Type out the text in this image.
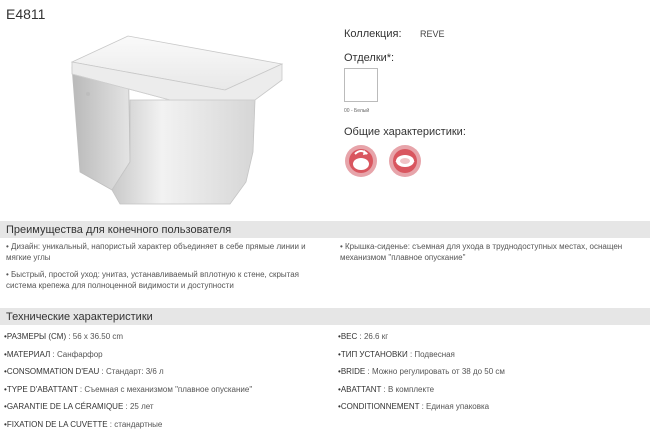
E4811
Коллекция:	REVE
Отделки*:
00 - Белый
Общие характеристики:
Преимущества для конечного пользователя

• Дизайн: уникальный, напористый характер объединяет в себе прямые линии и мягкие углы

• Быстрый, простой уход: унитаз, устанавливаемый вплотную к стене, скрытая система крепежа для полноценной видимости и доступности

• Крышка-сиденье: съемная для ухода в труднодоступных местах, оснащен механизмом "плавное опускание"

Технические характеристики
• РАЗМЕРЫ (CM) : 56 x 36.50 cm
• МАТЕРИАЛ : Санфарфор
• CONSOMMATION D'EAU : Стандарт: 3/6 л
• TYPE D'ABATTANT : Съемная с механизмом "плавное опускание"
• GARANTIE DE LA CÉRAMIQUE : 25 лет
• FIXATION DE LA CUVETTE : стандартные
• ВЕС : 26.6 кг
• ТИП УСТАНОВКИ : Подвесная
• BRIDE : Можно регулировать от 38 до 50 см
• ABATTANT : В комплекте
• CONDITIONNEMENT : Единая упаковка
